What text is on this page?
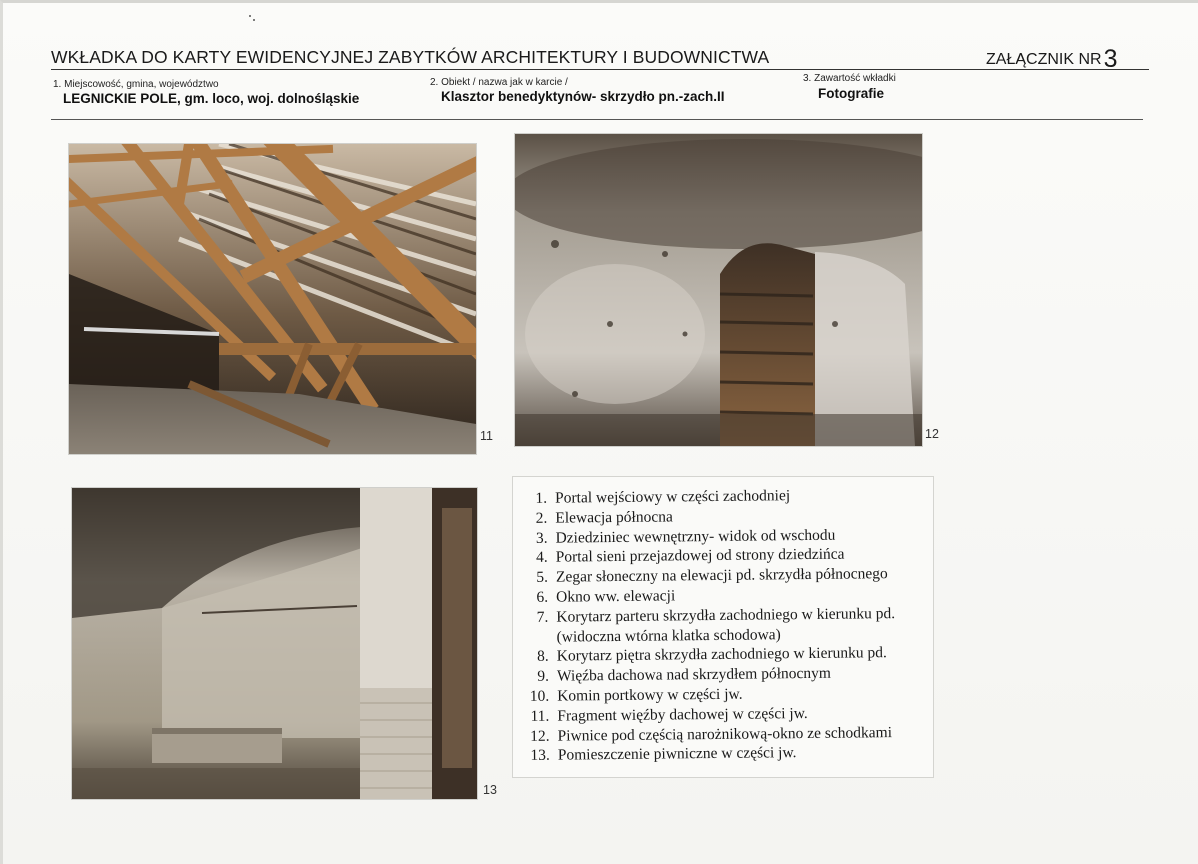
WKŁADKA DO KARTY EWIDENCYJNEJ ZABYTKÓW ARCHITEKTURY I BUDOWNICTWA	ZAŁĄCZNIK NR3
1. Miejscowość, gmina, województwo
LEGNICKIE POLE, gm. loco, woj. dolnośląskie
2. Obiekt / nazwa jak w karcie /
Klasztor benedyktynów- skrzydło pn.-zach.II
3. Zawartość wkładki
Fotografie
11	12
13
1. Portal wejściowy w części zachodniej
2. Elewacja północna
3. Dziedziniec wewnętrzny- widok od wschodu
4. Portal sieni przejazdowej od strony dziedzińca
5. Zegar słoneczny na elewacji pd. skrzydła północnego
6. Okno ww. elewacji
7. Korytarz parteru skrzydła zachodniego w kierunku pd.
(widoczna wtórna klatka schodowa)
8. Korytarz piętra skrzydła zachodniego w kierunku pd.
9. Więźba dachowa nad skrzydłem północnym
10. Komin portkowy w części jw.
11. Fragment więźby dachowej w części jw.
12. Piwnice pod częścią narożnikową-okno ze schodkami
13. Pomieszczenie piwniczne w części jw.
